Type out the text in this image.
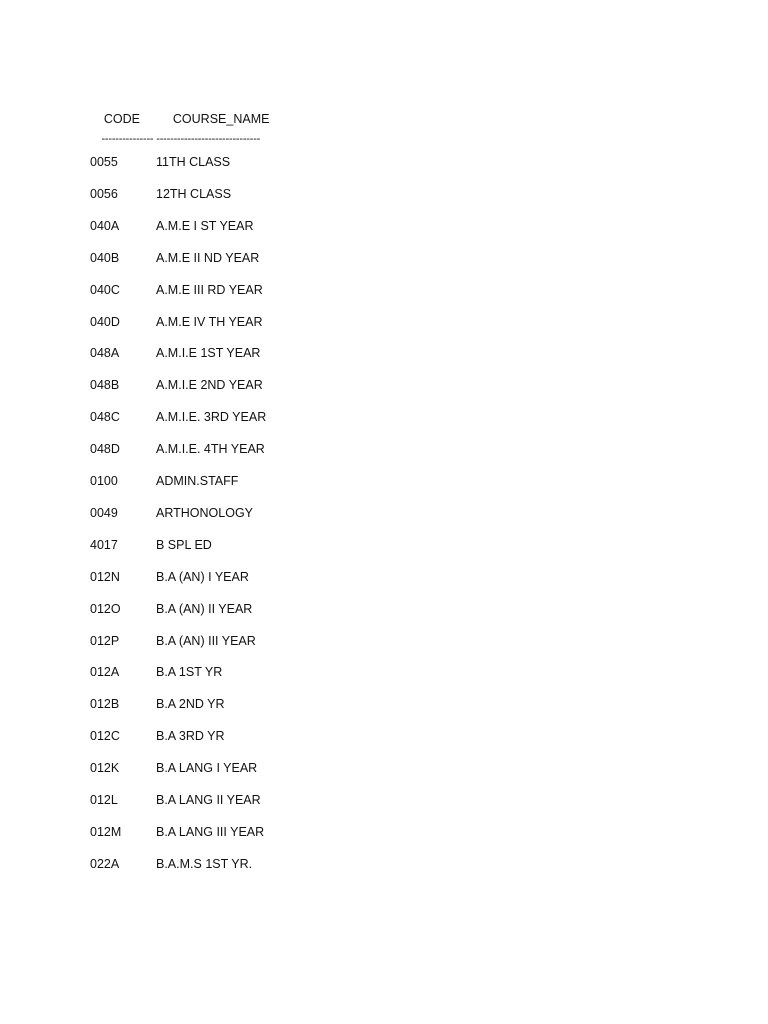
CODE	COURSE_NAME

--------------- ------------------------------

0055	11TH CLASS
0056	12TH CLASS
040A	A.M.E I ST YEAR
040B	A.M.E II ND YEAR
040C	A.M.E III RD YEAR
040D	A.M.E IV TH YEAR
048A	A.M.I.E 1ST YEAR
048B	A.M.I.E 2ND YEAR
048C	A.M.I.E. 3RD YEAR
048D	A.M.I.E. 4TH YEAR
0100	ADMIN.STAFF
0049	ARTHONOLOGY
4017	B SPL ED
012N	B.A (AN) I YEAR
012O	B.A (AN) II YEAR
012P	B.A (AN) III YEAR
012A	B.A 1ST YR
012B	B.A 2ND YR
012C	B.A 3RD YR
012K	B.A LANG I YEAR
012L	B.A LANG II YEAR
012M	B.A LANG III YEAR
022A	B.A.M.S 1ST YR.
